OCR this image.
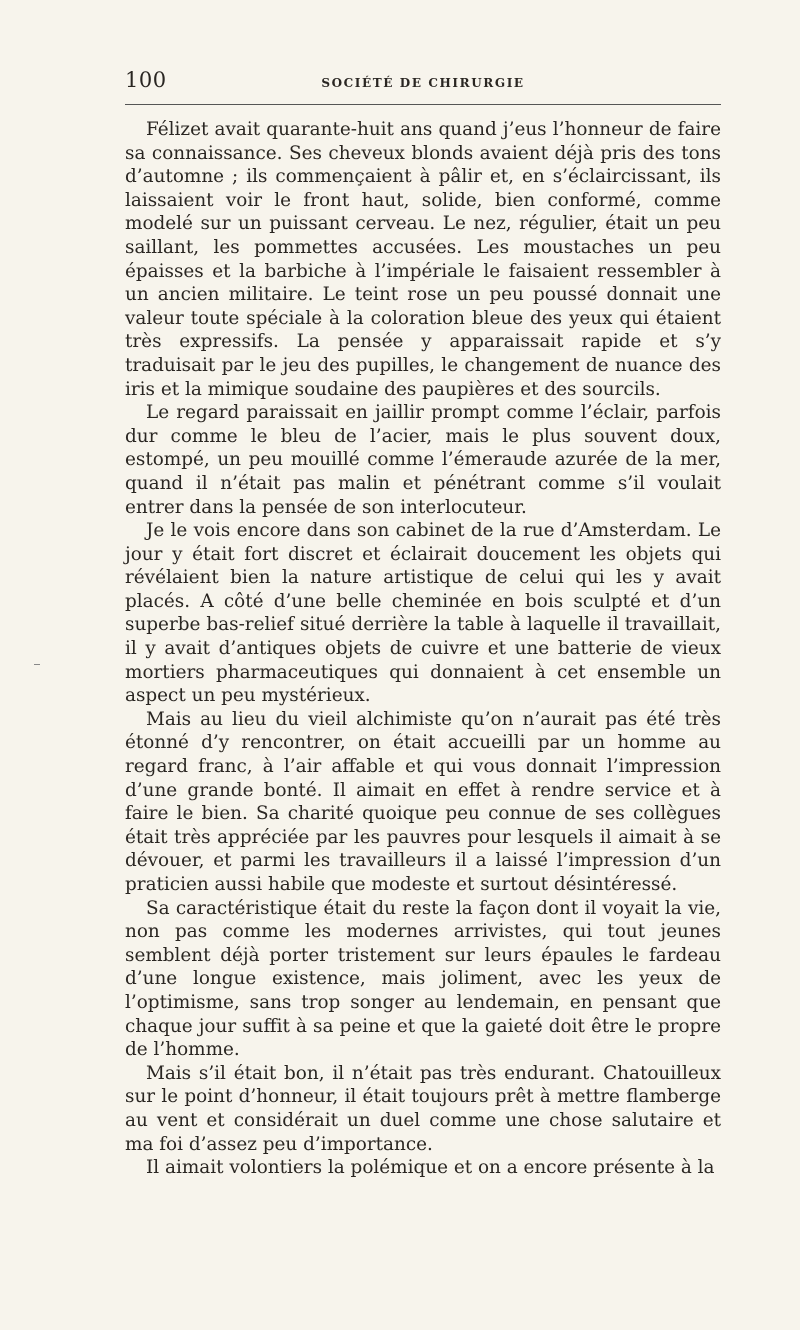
100	SOCIÉTÉ DE CHIRURGIE

Félizet avait quarante-huit ans quand j’eus l’honneur de faire sa connaissance. Ses cheveux blonds avaient déjà pris des tons d’automne ; ils commençaient à pâlir et, en s’éclaircissant, ils laissaient voir le front haut, solide, bien conformé, comme modelé sur un puissant cerveau. Le nez, régulier, était un peu saillant, les pommettes accusées. Les moustaches un peu épaisses et la barbiche à l’impériale le faisaient ressembler à un ancien militaire. Le teint rose un peu poussé donnait une valeur toute spéciale à la coloration bleue des yeux qui étaient très expressifs. La pensée y apparaissait rapide et s’y traduisait par le jeu des pupilles, le changement de nuance des iris et la mimique soudaine des paupières et des sourcils.

Le regard paraissait en jaillir prompt comme l’éclair, parfois dur comme le bleu de l’acier, mais le plus souvent doux, estompé, un peu mouillé comme l’émeraude azurée de la mer, quand il n’était pas malin et pénétrant comme s’il voulait entrer dans la pensée de son interlocuteur.

Je le vois encore dans son cabinet de la rue d’Amsterdam. Le jour y était fort discret et éclairait doucement les objets qui révélaient bien la nature artistique de celui qui les y avait placés. A côté d’une belle cheminée en bois sculpté et d’un superbe bas-relief situé derrière la table à laquelle il travaillait, il y avait d’antiques objets de cuivre et une batterie de vieux mortiers pharmaceutiques qui donnaient à cet ensemble un aspect un peu mystérieux.

Mais au lieu du vieil alchimiste qu’on n’aurait pas été très étonné d’y rencontrer, on était accueilli par un homme au regard franc, à l’air affable et qui vous donnait l’impression d’une grande bonté. Il aimait en effet à rendre service et à faire le bien. Sa charité quoique peu connue de ses collègues était très appréciée par les pauvres pour lesquels il aimait à se dévouer, et parmi les travailleurs il a laissé l’impression d’un praticien aussi habile que modeste et surtout désintéressé.

Sa caractéristique était du reste la façon dont il voyait la vie, non pas comme les modernes arrivistes, qui tout jeunes semblent déjà porter tristement sur leurs épaules le fardeau d’une longue existence, mais joliment, avec les yeux de l’optimisme, sans trop songer au lendemain, en pensant que chaque jour suffit à sa peine et que la gaieté doit être le propre de l’homme.

Mais s’il était bon, il n’était pas très endurant. Chatouilleux sur le point d’honneur, il était toujours prêt à mettre flamberge au vent et considérait un duel comme une chose salutaire et ma foi d’assez peu d’importance.

Il aimait volontiers la polémique et on a encore présente à la
